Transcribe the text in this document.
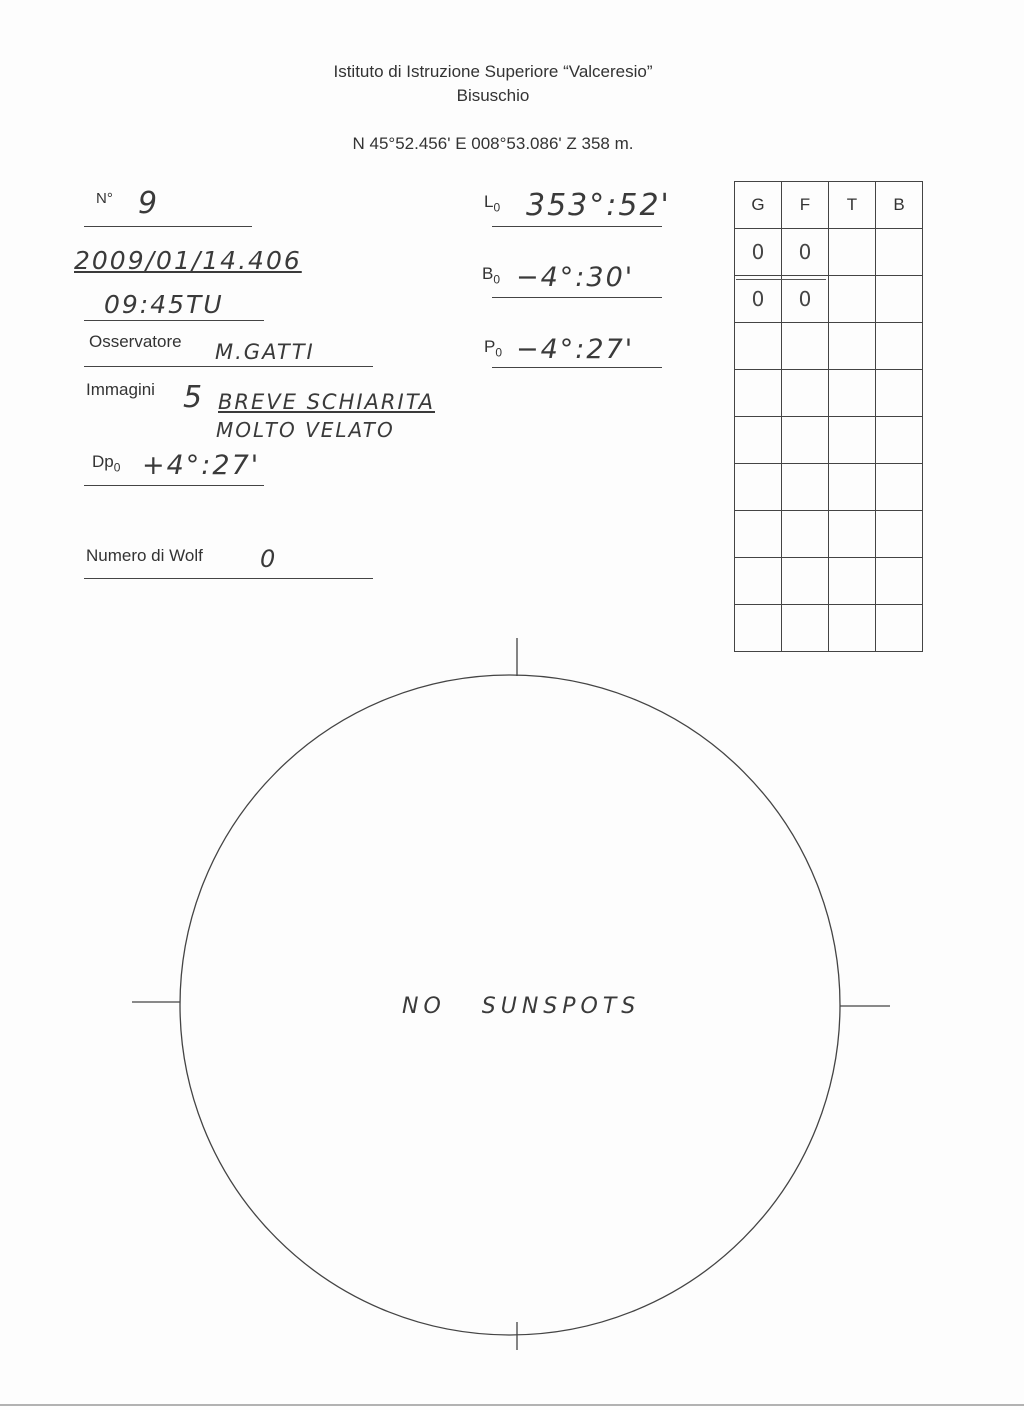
Istituto di Istruzione Superiore “Valceresio”
Bisuschio
N 45°52.456' E 008°53.086' Z 358 m.
N° 9
2009/01/14.406
09:45TU
Osservatore M.GATTI
Immagini 5 BREVE SCHIARITA
MOLTO VELATO
$Dp_0$ +4°:27'
Numero di Wolf 0
$L_0$ 353°:52'
$B_0$ −4°:30'
$P_0$ −4°:27'
G	F	T	B
0	0		
0	0		

NO   SUNSPOTS
